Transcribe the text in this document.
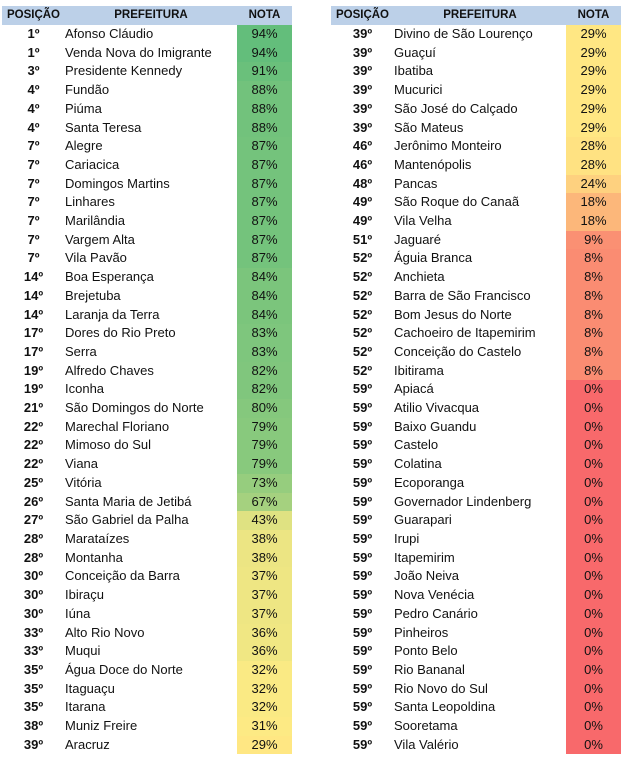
POSIÇÃO	PREFEITURA	NOTA
1º	Afonso Cláudio	94%
1º	Venda Nova do Imigrante	94%
3º	Presidente Kennedy	91%
4º	Fundão	88%
4º	Piúma	88%
4º	Santa Teresa	88%
7º	Alegre	87%
7º	Cariacica	87%
7º	Domingos Martins	87%
7º	Linhares	87%
7º	Marilândia	87%
7º	Vargem Alta	87%
7º	Vila Pavão	87%
14º	Boa Esperança	84%
14º	Brejetuba	84%
14º	Laranja da Terra	84%
17º	Dores do Rio Preto	83%
17º	Serra	83%
19º	Alfredo Chaves	82%
19º	Iconha	82%
21º	São Domingos do Norte	80%
22º	Marechal Floriano	79%
22º	Mimoso do Sul	79%
22º	Viana	79%
25º	Vitória	73%
26º	Santa Maria de Jetibá	67%
27º	São Gabriel da Palha	43%
28º	Marataízes	38%
28º	Montanha	38%
30º	Conceição da Barra	37%
30º	Ibiraçu	37%
30º	Iúna	37%
33º	Alto Rio Novo	36%
33º	Muqui	36%
35º	Água Doce do Norte	32%
35º	Itaguaçu	32%
35º	Itarana	32%
38º	Muniz Freire	31%
39º	Aracruz	29%
POSIÇÃO	PREFEITURA	NOTA
39º	Divino de São Lourenço	29%
39º	Guaçuí	29%
39º	Ibatiba	29%
39º	Mucurici	29%
39º	São José do Calçado	29%
39º	São Mateus	29%
46º	Jerônimo Monteiro	28%
46º	Mantenópolis	28%
48º	Pancas	24%
49º	São Roque do Canaã	18%
49º	Vila Velha	18%
51º	Jaguaré	9%
52º	Águia Branca	8%
52º	Anchieta	8%
52º	Barra de São Francisco	8%
52º	Bom Jesus do Norte	8%
52º	Cachoeiro de Itapemirim	8%
52º	Conceição do Castelo	8%
52º	Ibitirama	8%
59º	Apiacá	0%
59º	Atilio Vivacqua	0%
59º	Baixo Guandu	0%
59º	Castelo	0%
59º	Colatina	0%
59º	Ecoporanga	0%
59º	Governador Lindenberg	0%
59º	Guarapari	0%
59º	Irupi	0%
59º	Itapemirim	0%
59º	João Neiva	0%
59º	Nova Venécia	0%
59º	Pedro Canário	0%
59º	Pinheiros	0%
59º	Ponto Belo	0%
59º	Rio Bananal	0%
59º	Rio Novo do Sul	0%
59º	Santa Leopoldina	0%
59º	Sooretama	0%
59º	Vila Valério	0%
